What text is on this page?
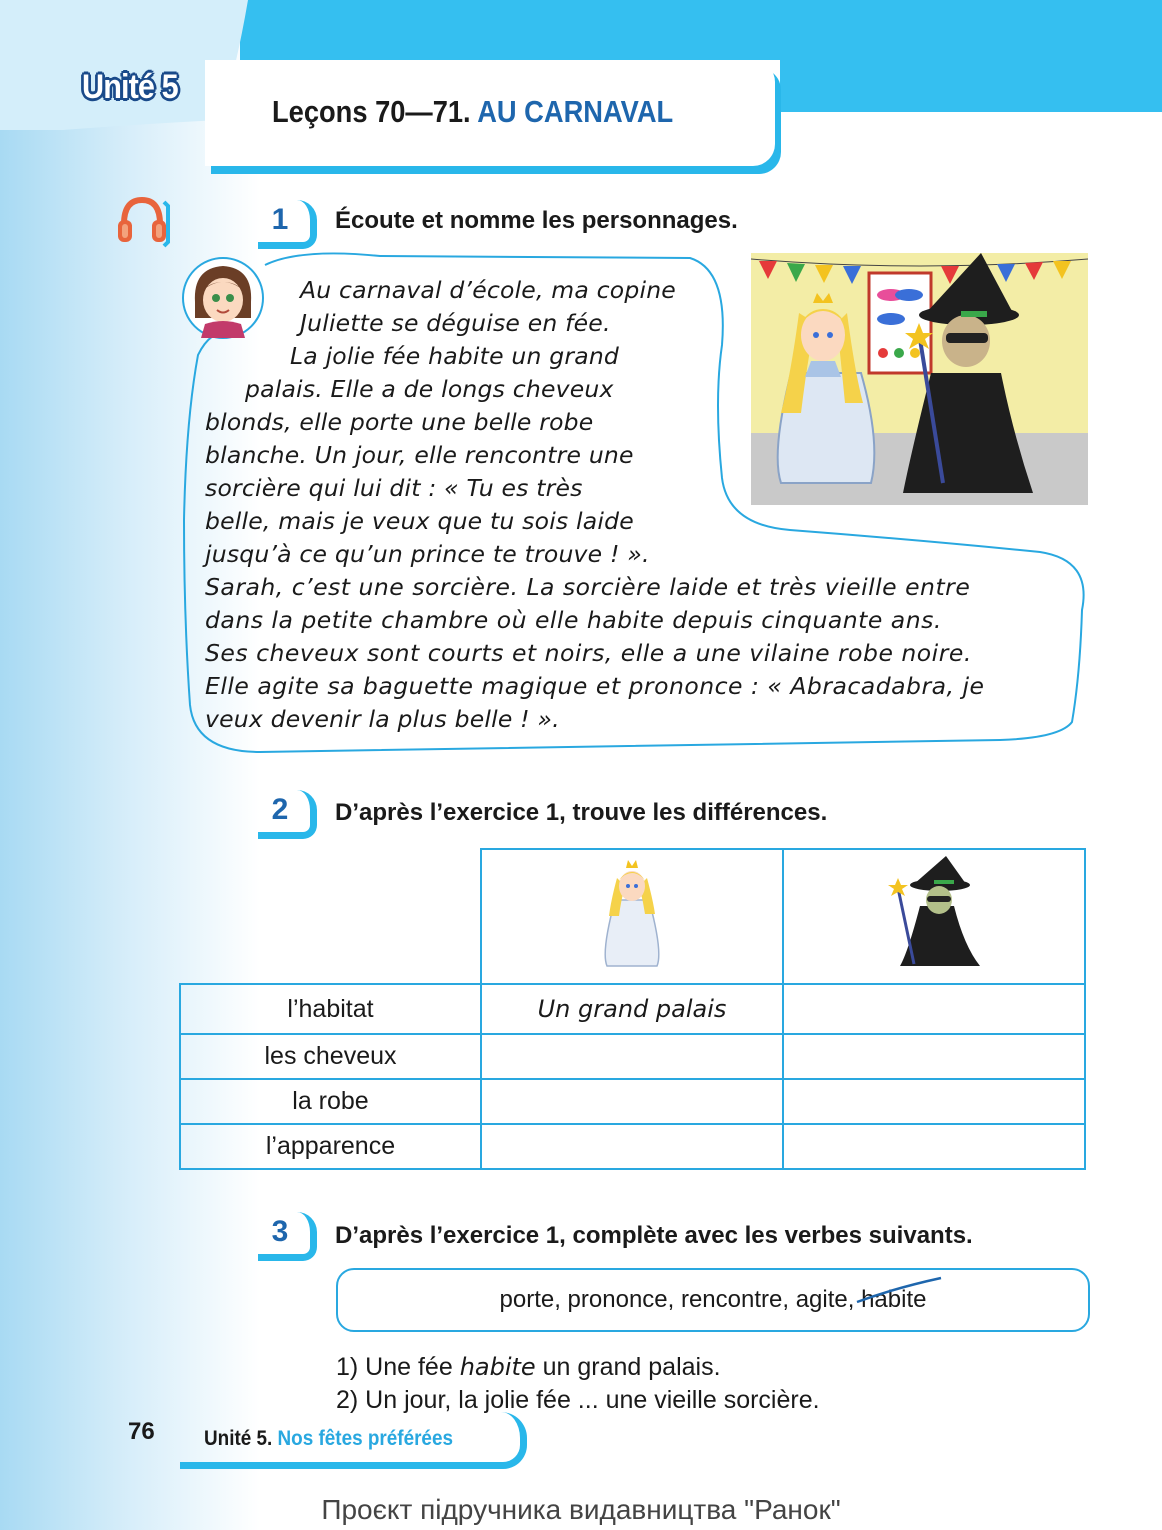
Leçons 70—71. AU CARNAVAL
Unité 5
1	Écoute et nomme les personnages.
Au carnaval d’école, ma copine
Juliette se déguise en fée.
La jolie fée habite un grand
palais. Elle a de longs cheveux
blonds, elle porte une belle robe
blanche. Un jour, elle rencontre une
sorcière qui lui dit : « Tu es très
belle, mais je veux que tu sois laide
jusqu’à ce qu’un prince te trouve ! ».
Sarah, c’est une sorcière. La sorcière laide et très vieille entre
dans la petite chambre où elle habite depuis cinquante ans.
Ses cheveux sont courts et noirs, elle a une vilaine robe noire.
Elle agite sa baguette magique et prononce : « Abracadabra, je
veux devenir la plus belle ! ».
2	D’après l’exercice 1, trouve les différences.

l’habitat	Un grand palais	
les cheveux		
la robe		
l’apparence		
3	D’après l’exercice 1, complète avec les verbes suivants.
porte, prononce, rencontre, agite, habite
1) Une fée habite un grand palais.
2) Un jour, la jolie fée ... une vieille sorcière.
76 Unité 5. Nos fêtes préférées
Проєкт підручника видавництва "Ранок"
